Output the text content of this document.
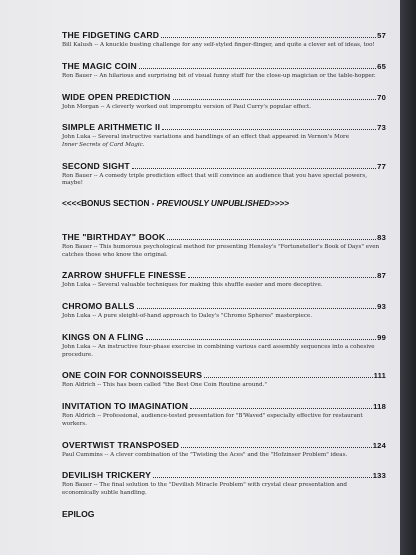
THE FIDGETING CARD	57
Bill Kalush -- A knuckle busting challenge for any self-styled finger-flinger, and quite a clever set of ideas, too!
THE MAGIC COIN	65
Ron Bauer -- An hilarious and surprising bit of visual funny stuff for the close-up magician or the table-hopper.
WIDE OPEN PREDICTION	70
John Morgan -- A cleverly worked out impromptu version of Paul Curry's popular effect.
SIMPLE ARITHMETIC II	73
John Luka -- Several instructive variations and handlings of an effect that appeared in Vernon's More
Inner Secrets of Card Magic.
SECOND SIGHT	77
Ron Bauer -- A comedy triple prediction effect that will convince an audience that you have special powers, maybe!
<<<<BONUS SECTION - PREVIOUSLY UNPUBLISHED>>>>
THE "BIRTHDAY" BOOK	83
Ron Bauer -- This humorous psychological method for presenting Hensley's "Fortuneteller's Book of Days" even catches those who know the original.
ZARROW SHUFFLE FINESSE	87
John Luka -- Several valuable techniques for making this shuffle easier and more deceptive.
CHROMO BALLS	93
John Luka -- A pure sleight-of-hand approach to Daley's "Chromo Spheres" masterpiece.
KINGS ON A FLING	99
John Luka -- An instructive four-phase exercise in combining various card assembly sequences into a cohesive procedure.
ONE COIN FOR CONNOISSEURS	111
Ron Aldrich -- This has been called "the Best One Coin Routine around."
INVITATION TO IMAGINATION	118
Ron Aldrich -- Professional, audience-tested presentation for "B'Waved" especially effective for restaurant workers.
OVERTWIST TRANSPOSED	124
Paul Cummins -- A clever combination of the "Twisting the Aces" and the "Hofzinser Problem" ideas.
DEVILISH TRICKERY	133
Ron Bauer -- The final solution to the "Devilish Miracle Problem" with crystal clear presentation and economically subtle handling.
EPILOG
